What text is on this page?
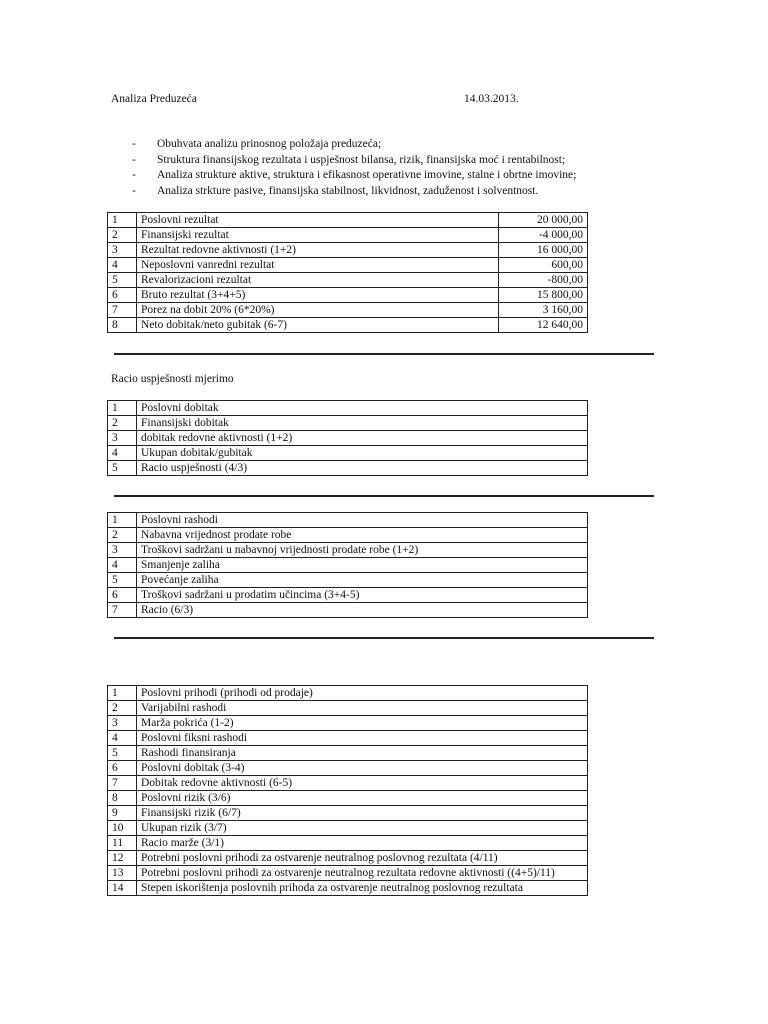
Analiza Preduzeća	14.03.2013.
- Obuhvata analizu prinosnog položaja preduzeća;
- Struktura finansijskog rezultata i uspješnost bilansa, rizik, finansijska moć i rentabilnost;
- Analiza strukture aktive, struktura i efikasnost operativne imovine, stalne i obrtne imovine;
- Analiza strkture pasive, finansijska stabilnost, likvidnost, zaduženost i solventnost.
1	Poslovni rezultat	20 000,00
2	Finansijski rezultat	-4 000,00
3	Rezultat redovne aktivnosti (1+2)	16 000,00
4	Neposlovni vanredni rezultat	600,00
5	Revalorizacioni rezultat	-800,00
6	Bruto rezultat (3+4+5)	15 800,00
7	Porez na dobit 20% (6*20%)	3 160,00
8	Neto dobitak/neto gubitak (6-7)	12 640,00
Racio uspješnosti mjerimo
1	Poslovni dobitak
2	Finansijski dobitak
3	dobitak redovne aktivnosti (1+2)
4	Ukupan dobitak/gubitak
5	Racio uspješnosti (4/3)
1	Poslovni rashodi
2	Nabavna vrijednost prodate robe
3	Troškovi sadržani u nabavnoj vrijednosti prodate robe (1+2)
4	Smanjenje zaliha
5	Povećanje zaliha
6	Troškovi sadržani u prodatim učincima (3+4-5)
7	Racio (6/3)
1	Poslovni prihodi (prihodi od prodaje)
2	Varijabilni rashodi
3	Marža pokrića (1-2)
4	Poslovni fiksni rashodi
5	Rashodi finansiranja
6	Poslovni dobitak (3-4)
7	Dobitak redovne aktivnosti (6-5)
8	Poslovni rizik (3/6)
9	Finansijski rizik (6/7)
10	Ukupan rizik (3/7)
11	Racio marže (3/1)
12	Potrebni poslovni prihodi za ostvarenje neutralnog poslovnog rezultata (4/11)
13	Potrebni poslovni prihodi za ostvarenje neutralnog rezultata redovne aktivnosti ((4+5)/11)
14	Stepen iskorištenja poslovnih prihoda za ostvarenje neutralnog poslovnog rezultata
